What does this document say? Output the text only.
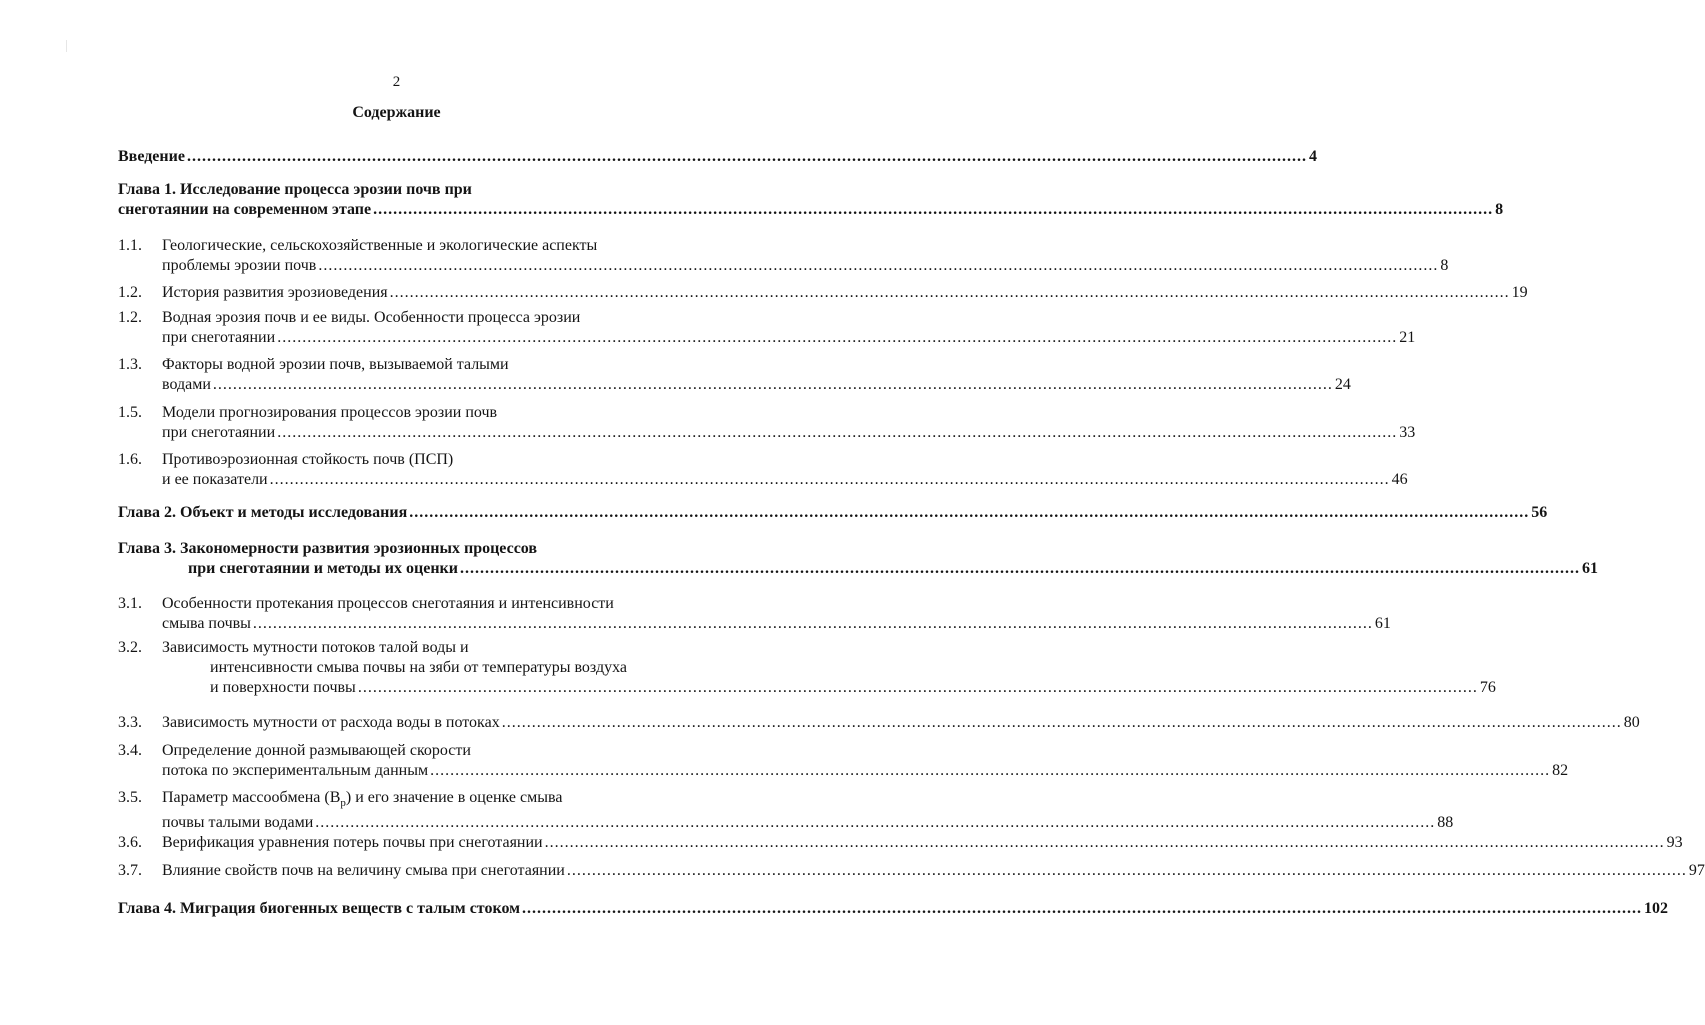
2
Содержание
Введение .....	4
Глава 1. Исследование процесса эрозии почв при
снеготаянии на современном этапе .....	8
1.1. Геологические, сельскохозяйственные и экологические аспекты
проблемы эрозии почв .....	8
1.2. История развития эрозиоведения .....	19
1.2. Водная эрозия почв и ее виды. Особенности процесса эрозии
при снеготаянии .....	21
1.3. Факторы водной эрозии почв, вызываемой талыми
водами .....	24
1.5. Модели прогнозирования процессов эрозии почв
при снеготаянии .....	33
1.6. Противоэрозионная стойкость почв (ПСП)
и ее показатели .....	46
Глава 2. Объект и методы исследования .....	56
Глава 3. Закономерности развития эрозионных процессов
при снеготаянии и методы их оценки .....	61
3.1. Особенности протекания процессов снеготаяния и интенсивности
смыва почвы .....	61
3.2. Зависимость мутности потоков талой воды и
интенсивности смыва почвы на зяби от температуры воздуха
и поверхности почвы .....	76
3.3. Зависимость мутности от расхода воды в потоках .....	80
3.4. Определение донной размывающей скорости
потока по экспериментальным данным .....	82
3.5. Параметр массообмена $(B_p)$ и его значение в оценке смыва
почвы талыми водами .....	88
3.6. Верификация уравнения потерь почвы при снеготаянии .....	93
3.7. Влияние свойств почв на величину смыва при снеготаянии .....	97
Глава 4. Миграция биогенных веществ с талым стоком .....	102
